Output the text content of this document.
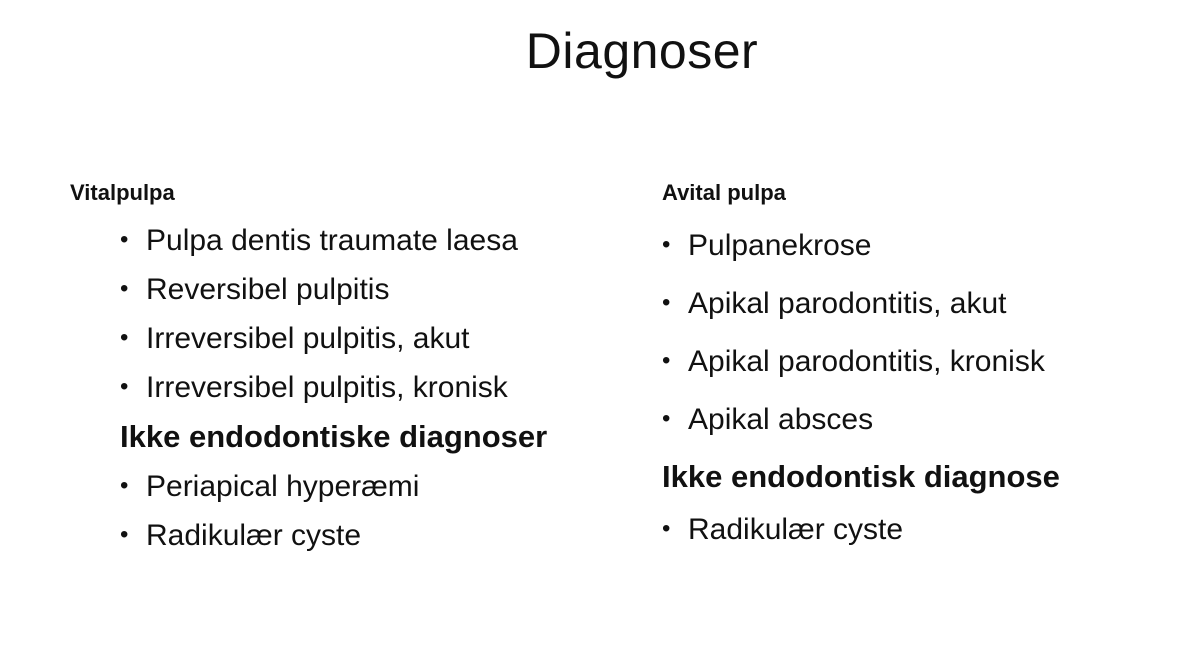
Diagnoser
Vitalpulpa
• Pulpa dentis traumate laesa
• Reversibel pulpitis
• Irreversibel pulpitis, akut
• Irreversibel pulpitis, kronisk
Ikke endodontiske diagnoser
• Periapical hyperæmi
• Radikulær cyste
Avital pulpa
• Pulpanekrose
• Apikal parodontitis, akut
• Apikal parodontitis, kronisk
• Apikal absces
Ikke endodontisk diagnose
• Radikulær cyste
